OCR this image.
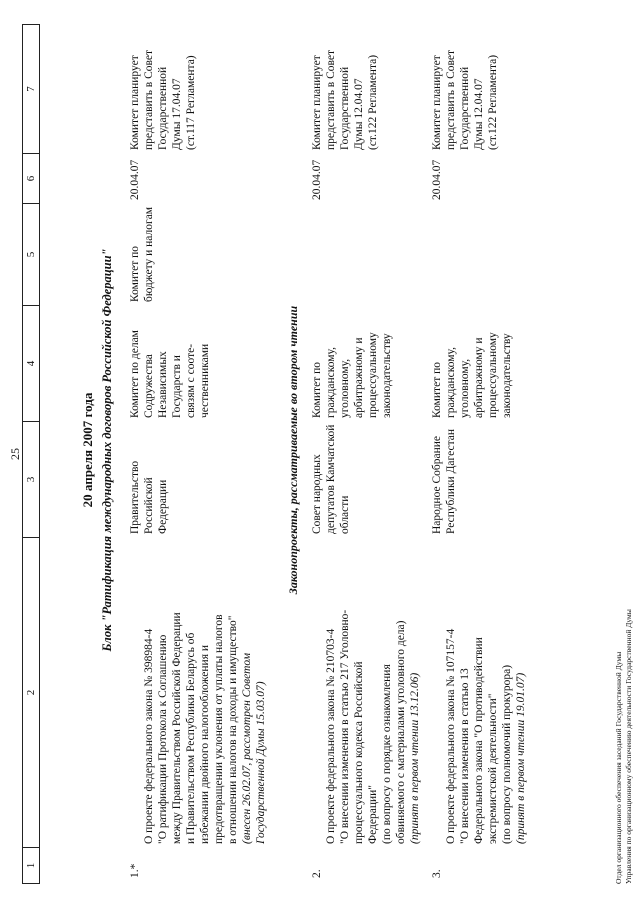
1
2
3
4
5
6
7
20 апреля 2007 года Блок "Ратификация международных договоров Российской Федерации"
1.*

О проекте федерального закона № 398984-4
"О ратификации Протокола к Соглашению
между Правительством Российской Федерации
и Правительством Республики Беларусь об
избежании двойного налогообложения и
предотвращении уклонения от уплаты налогов
в отношении налогов на доходы и имущество"
(внесен 26.02.07, рассмотрен Советом
Государственной Думы 15.03.07)

Правительство
Российской
Федерации
Комитет по делам
Содружества
Независимых
Государств и
связям с соотe-
чественниками
Комитет по
бюджету и налогам
20.04.07
Комитет планирует
представить в Совет
Государственной
Думы 17.04.07
(ст.117 Регламента)
Законопроекты, рассматриваемые во втором чтении
2.

О проекте федерального закона № 210703-4
"О внесении изменения в статью 217 Уголовно-
процессуального кодекса Российской
Федерации"
(по вопросу о порядке ознакомления
обвиняемого с материалами уголовного дела)
(принят в первом чтении 13.12.06)

Совет народных
депутатов Камчатской
области
Комитет по
гражданскому,
уголовному,
арбитражному и
процессуальному
законодательству
20.04.07
Комитет планирует
представить в Совет
Государственной
Думы 12.04.07
(ст.122 Регламента)
3.

О проекте федерального закона № 107157-4
"О внесении изменения в статью 13
Федерального закона "О противодействии
экстремистской деятельности"
(по вопросу полномочий прокурора) (принят в первом чтении 19.01.07)

Народное Собрание
Республики Дагестан
Комитет по
гражданскому,
уголовному,
арбитражному и
процессуальному
законодательству
20.04.07
Комитет планирует
представить в Совет
Государственной
Думы 12.04.07
(ст.122 Регламента)
25
Отдел организационного обеспечения заседаний Государственной Думы Управления по организационному обеспечению деятельности Государственной Думы
